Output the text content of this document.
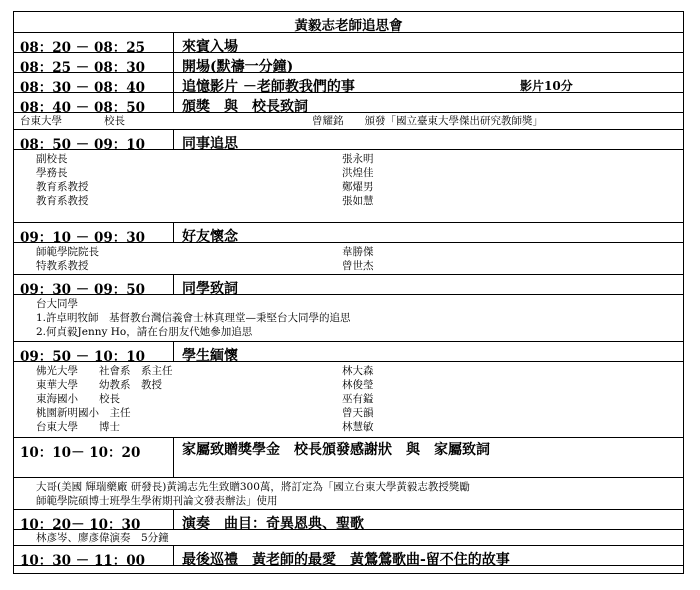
黃毅志老師追思會
08：20 － 08：25	來賓入場
08：25 － 08：30	開場(默禱一分鐘)
08：30 － 08：40	追憶影片 －老師教我們的事	影片10分
08：40 － 08：50	頒獎　與　校長致詞
台東大學　　　　校長	曾耀銘　　頒發「國立臺東大學傑出研究教師獎」
08：50 － 09：10	同事追思
副校長	張永明
學務長	洪煌佳
教育系教授	鄭燿男
教育系教授	張如慧
09：10 － 09：30	好友懷念
師範學院院長	韋勝傑
特教系教授	曾世杰
09：30 － 09：50	同學致詞
台大同學
1.許卓明牧師　基督教台灣信義會士林真理堂—秉堅台大同學的追思
2.何貞毅Jenny Ho，請在台朋友代她參加追思
09：50 － 10：10	學生緬懷
佛光大學　　社會系　系主任	林大森
東華大學　　幼教系　教授	林俊瑩
東海國小　　校長	巫有鎰
桃園新明國小　主任	曾天韻
台東大學　　博士	林慧敏
10：10－ 10：20	家屬致贈獎學金　校長頒發感謝狀　與　家屬致詞
大哥(美國 輝瑞藥廠 研發長)黃鴻志先生致贈300萬，將訂定為「國立台東大學黃毅志教授獎勵
師範學院碩博士班學生學術期刊論文發表辦法」使用
10：20－ 10：30	演奏　曲目：奇異恩典、聖歌
林彥岑、廖彥偉演奏　5分鐘
10：30 － 11：00	最後巡禮　黃老師的最愛　黃鶯鶯歌曲-留不住的故事
